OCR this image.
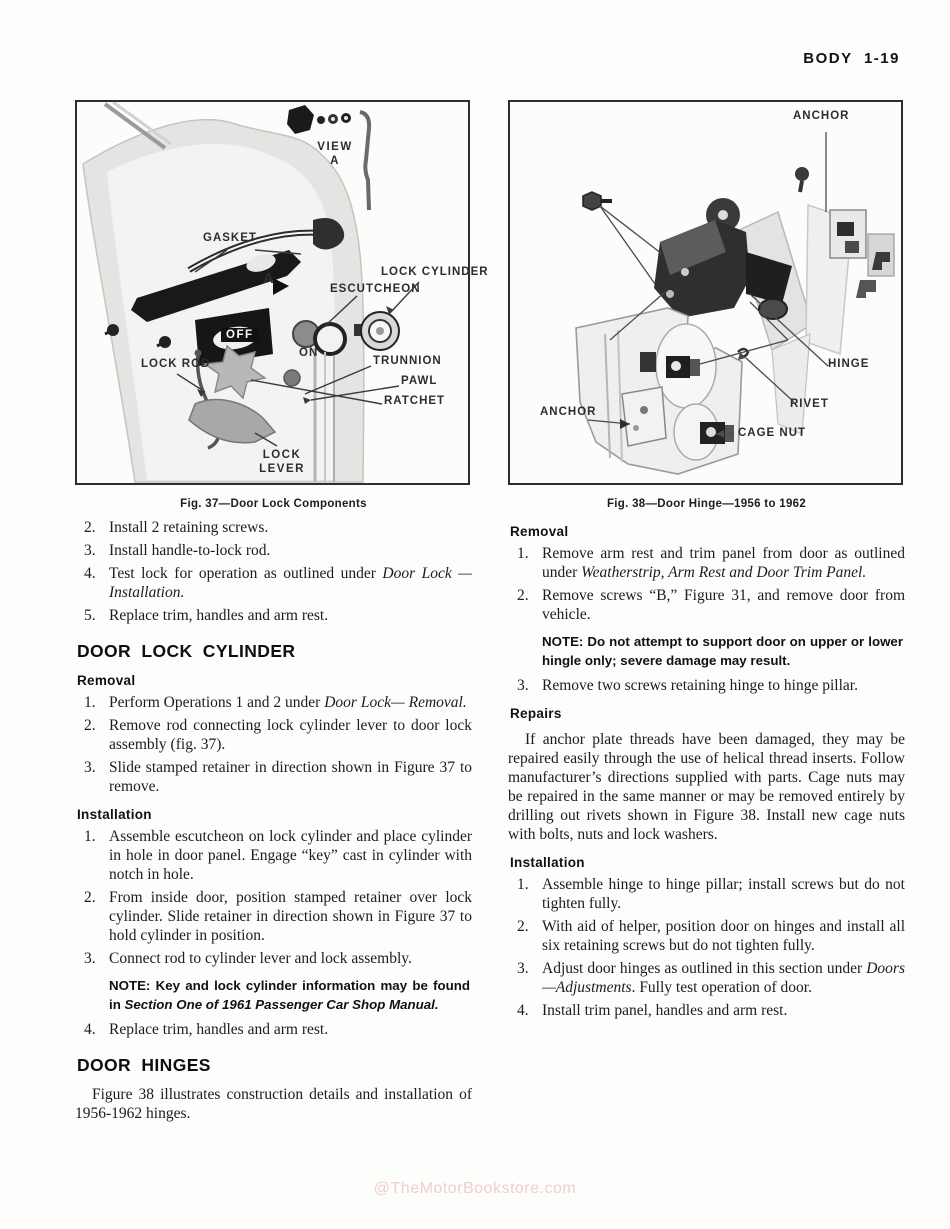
BODY 1-19
VIEW
A
GASKET
A	LOCK CYLINDER
ESCUTCHEON
OFF
ON
LOCK ROD	TRUNNION
PAWL
RATCHET
LOCK
LEVER
Fig. 37—Door Lock Components
2. Install 2 retaining screws.
3. Install handle-to-lock rod.
4. Test lock for operation as outlined under Door Lock —Installation.
5. Replace trim, handles and arm rest.
DOOR LOCK CYLINDER
Removal
1. Perform Operations 1 and 2 under Door Lock— Removal.
2. Remove rod connecting lock cylinder lever to door lock assembly (fig. 37).
3. Slide stamped retainer in direction shown in Figure 37 to remove.
Installation
1. Assemble escutcheon on lock cylinder and place cylinder in hole in door panel. Engage “key” cast in cylinder with notch in hole.
2. From inside door, position stamped retainer over lock cylinder. Slide retainer in direction shown in Figure 37 to hold cylinder in position.
3. Connect rod to cylinder lever and lock assembly.
NOTE: Key and lock cylinder information may be found in Section One of 1961 Passenger Car Shop Manual.
4. Replace trim, handles and arm rest.
DOOR HINGES
Figure 38 illustrates construction details and installation of 1956-1962 hinges.
ANCHOR
HINGE
RIVET
CAGE NUT
ANCHOR
Fig. 38—Door Hinge—1956 to 1962
Removal
1. Remove arm rest and trim panel from door as outlined under Weatherstrip, Arm Rest and Door Trim Panel.
2. Remove screws “B,” Figure 31, and remove door from vehicle.
NOTE: Do not attempt to support door on upper or lower hingle only; severe damage may result.
3. Remove two screws retaining hinge to hinge pillar.
Repairs
If anchor plate threads have been damaged, they may be repaired easily through the use of helical thread inserts. Follow manufacturer’s directions supplied with parts. Cage nuts may be repaired in the same manner or may be removed entirely by drilling out rivets shown in Figure 38. Install new cage nuts with bolts, nuts and lock washers.
Installation
1. Assemble hinge to hinge pillar; install screws but do not tighten fully.
2. With aid of helper, position door on hinges and install all six retaining screws but do not tighten fully.
3. Adjust door hinges as outlined in this section under Doors—Adjustments. Fully test operation of door.
4. Install trim panel, handles and arm rest.
@TheMotorBookstore.com
